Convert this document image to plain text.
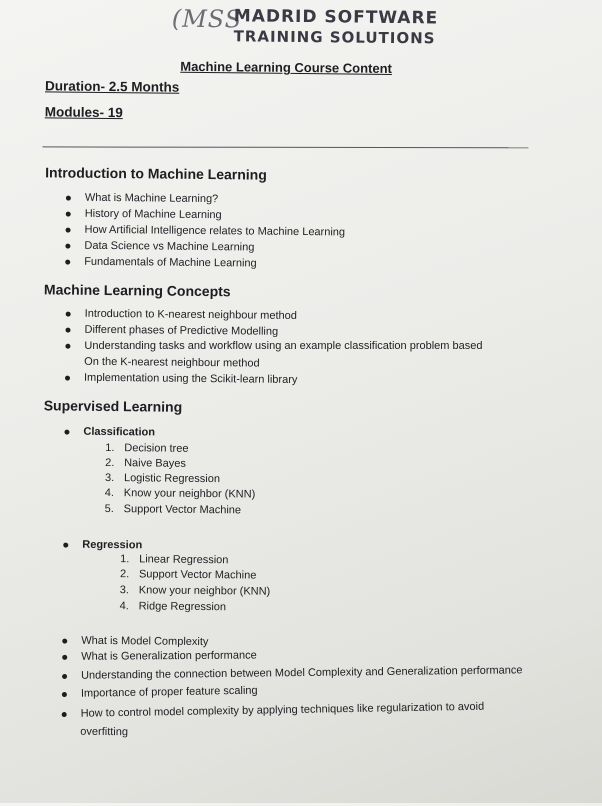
(MSS
MADRID SOFTWARE
TRAINING SOLUTIONS
Machine Learning Course Content
Duration- 2.5 Months
Modules- 19
Introduction to Machine Learning
What is Machine Learning?
History of Machine Learning
How Artificial Intelligence relates to Machine Learning
Data Science vs Machine Learning
Fundamentals of Machine Learning
Machine Learning Concepts
Introduction to K-nearest neighbour method
Different phases of Predictive Modelling
Understanding tasks and workflow using an example classification problem based
On the K-nearest neighbour method
Implementation using the Scikit-learn library
Supervised Learning
Classification
1. Decision tree
2. Naive Bayes
3. Logistic Regression
4. Know your neighbor (KNN)
5. Support Vector Machine
Regression
1. Linear Regression
2. Support Vector Machine
3. Know your neighbor (KNN)
4. Ridge Regression
What is Model Complexity
What is Generalization performance
Understanding the connection between Model Complexity and Generalization performance
Importance of proper feature scaling
How to control model complexity by applying techniques like regularization to avoid
overfitting
